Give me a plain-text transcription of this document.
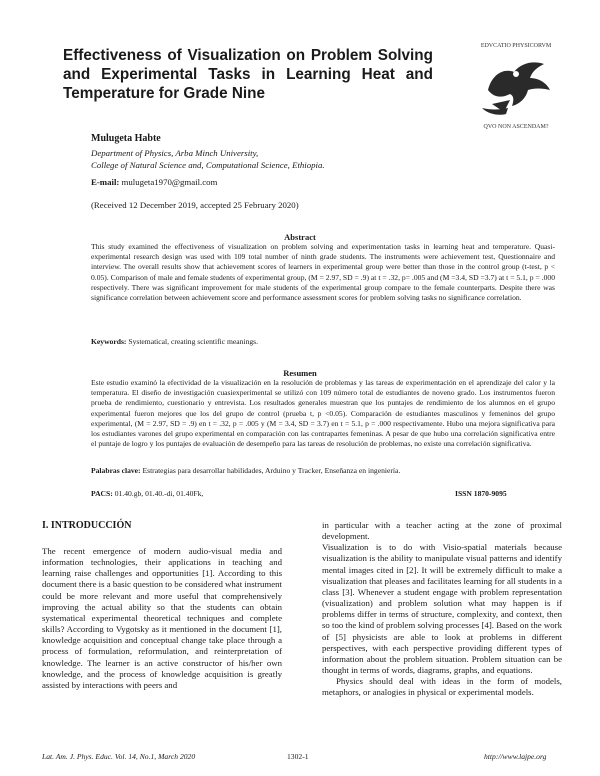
Effectiveness of Visualization on Problem Solving and Experimental Tasks in Learning Heat and Temperature for Grade Nine
EDVCATIO PHYSICORVM
QVO NON ASCENDAM?
Mulugeta Habte
Department of Physics, Arba Minch University,
College of Natural Science and, Computational Science, Ethiopia.
E-mail: mulugeta1970@gmail.com
(Received 12 December 2019, accepted 25 February 2020)
Abstract

This study examined the effectiveness of visualization on problem solving and experimentation tasks in learning heat and temperature. Quasi-experimental research design was used with 109 total number of ninth grade students. The instruments were achievement test, Questionnaire and interview. The overall results show that achievement scores of learners in experimental group were better than those in the control group (t-test, p < 0.05). Comparison of male and female students of experimental group, (M = 2.97, SD = .9) at t = .32, p= .005 and (M =3.4, SD =3.7) at t = 5.1, p = .000 respectively. There was significant improvement for male students of the experimental group compare to the female counterparts. Despite there was significance correlation between achievement score and performance assessment scores for problem solving tasks no significance correlation.

Keywords: Systematical, creating scientific meanings.
Resumen

Este estudio examinó la efectividad de la visualización en la resolución de problemas y las tareas de experimentación en el aprendizaje del calor y la temperatura. El diseño de investigación cuasiexperimental se utilizó con 109 número total de estudiantes de noveno grado. Los instrumentos fueron prueba de rendimiento, cuestionario y entrevista. Los resultados generales muestran que los puntajes de rendimiento de los alumnos en el grupo experimental fueron mejores que los del grupo de control (prueba t, p <0.05). Comparación de estudiantes masculinos y femeninos del grupo experimental, (M = 2.97, SD = .9) en t = .32, p = .005 y (M = 3.4, SD = 3.7) en t = 5.1, p = .000 respectivamente. Hubo una mejora significativa para los estudiantes varones del grupo experimental en comparación con las contrapartes femeninas. A pesar de que hubo una correlación significativa entre el puntaje de logro y los puntajes de evaluación de desempeño para las tareas de resolución de problemas, no existe una correlación significativa.

Palabras clave: Estrategias para desarrollar habilidades, Arduino y Tracker, Enseñanza en ingeniería.
PACS: 01.40.gb, 01.40.-di, 01.40Fk,	ISSN 1870-9095
I. INTRODUCCIÓN

The recent emergence of modern audio-visual media and information technologies, their applications in teaching and learning raise challenges and opportunities [1]. According to this document there is a basic question to be considered what instrument could be more relevant and more useful that comprehensively improving the actual ability so that the students can obtain systematical experimental theoretical techniques and complete skills? According to Vygotsky as it mentioned in the document [1], knowledge acquisition and conceptual change take place through a process of formulation, reformulation, and reinterpretation of knowledge. The learner is an active constructor of his/her own knowledge, and the process of knowledge acquisition is greatly assisted by interactions with peers and

in particular with a teacher acting at the zone of proximal development.

Visualization is to do with Visio-spatial materials because visualization is the ability to manipulate visual patterns and identify mental images cited in [2]. It will be extremely difficult to make a visualization that pleases and facilitates learning for all students in a class [3]. Whenever a student engage with problem representation (visualization) and problem solution what may happen is if problems differ in terms of structure, complexity, and context, then so too the kind of problem solving processes [4]. Based on the work of [5] physicists are able to look at problems in different perspectives, with each perspective providing different types of information about the problem situation. Problem situation can be thought in terms of words, diagrams, graphs, and equations.

Physics should deal with ideas in the form of models, metaphors, or analogies in physical or experimental models.

Lat. Am. J. Phys. Educ. Vol. 14, No.1, March 2020	1302-1	http://www.lajpe.org
